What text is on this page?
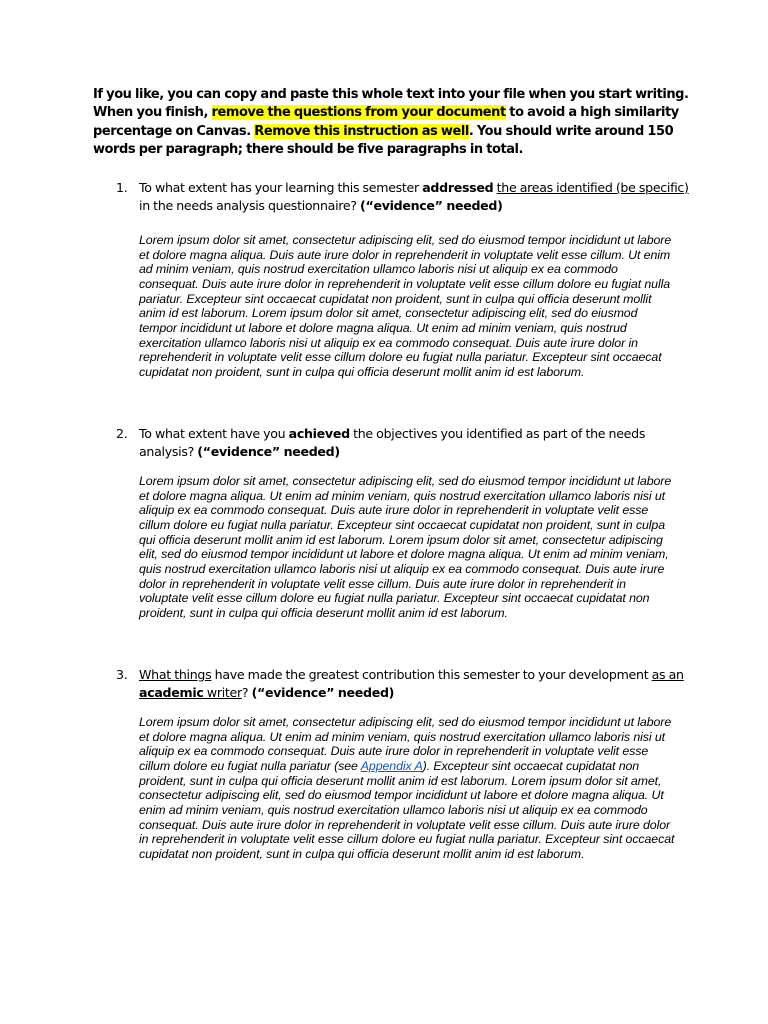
If you like, you can copy and paste this whole text into your file when you start writing. When you finish, remove the questions from your document to avoid a high similarity percentage on Canvas. Remove this instruction as well. You should write around 150 words per paragraph; there should be five paragraphs in total.

1. To what extent has your learning this semester addressed the areas identified (be specific) in the needs analysis questionnaire? (“evidence” needed)

Lorem ipsum dolor sit amet, consectetur adipiscing elit, sed do eiusmod tempor incididunt ut labore et dolore magna aliqua. Duis aute irure dolor in reprehenderit in voluptate velit esse cillum. Ut enim ad minim veniam, quis nostrud exercitation ullamco laboris nisi ut aliquip ex ea commodo consequat. Duis aute irure dolor in reprehenderit in voluptate velit esse cillum dolore eu fugiat nulla pariatur. Excepteur sint occaecat cupidatat non proident, sunt in culpa qui officia deserunt mollit anim id est laborum. Lorem ipsum dolor sit amet, consectetur adipiscing elit, sed do eiusmod tempor incididunt ut labore et dolore magna aliqua. Ut enim ad minim veniam, quis nostrud exercitation ullamco laboris nisi ut aliquip ex ea commodo consequat. Duis aute irure dolor in reprehenderit in voluptate velit esse cillum dolore eu fugiat nulla pariatur. Excepteur sint occaecat cupidatat non proident, sunt in culpa qui officia deserunt mollit anim id est laborum.

2. To what extent have you achieved the objectives you identified as part of the needs analysis? (“evidence” needed)

Lorem ipsum dolor sit amet, consectetur adipiscing elit, sed do eiusmod tempor incididunt ut labore et dolore magna aliqua. Ut enim ad minim veniam, quis nostrud exercitation ullamco laboris nisi ut aliquip ex ea commodo consequat. Duis aute irure dolor in reprehenderit in voluptate velit esse cillum dolore eu fugiat nulla pariatur. Excepteur sint occaecat cupidatat non proident, sunt in culpa qui officia deserunt mollit anim id est laborum. Lorem ipsum dolor sit amet, consectetur adipiscing elit, sed do eiusmod tempor incididunt ut labore et dolore magna aliqua. Ut enim ad minim veniam, quis nostrud exercitation ullamco laboris nisi ut aliquip ex ea commodo consequat. Duis aute irure dolor in reprehenderit in voluptate velit esse cillum. Duis aute irure dolor in reprehenderit in voluptate velit esse cillum dolore eu fugiat nulla pariatur. Excepteur sint occaecat cupidatat non proident, sunt in culpa qui officia deserunt mollit anim id est laborum.

3. What things have made the greatest contribution this semester to your development as an academic writer? (“evidence” needed)

Lorem ipsum dolor sit amet, consectetur adipiscing elit, sed do eiusmod tempor incididunt ut labore et dolore magna aliqua. Ut enim ad minim veniam, quis nostrud exercitation ullamco laboris nisi ut aliquip ex ea commodo consequat. Duis aute irure dolor in reprehenderit in voluptate velit esse cillum dolore eu fugiat nulla pariatur (see Appendix A). Excepteur sint occaecat cupidatat non proident, sunt in culpa qui officia deserunt mollit anim id est laborum. Lorem ipsum dolor sit amet, consectetur adipiscing elit, sed do eiusmod tempor incididunt ut labore et dolore magna aliqua. Ut enim ad minim veniam, quis nostrud exercitation ullamco laboris nisi ut aliquip ex ea commodo consequat. Duis aute irure dolor in reprehenderit in voluptate velit esse cillum. Duis aute irure dolor in reprehenderit in voluptate velit esse cillum dolore eu fugiat nulla pariatur. Excepteur sint occaecat cupidatat non proident, sunt in culpa qui officia deserunt mollit anim id est laborum.
